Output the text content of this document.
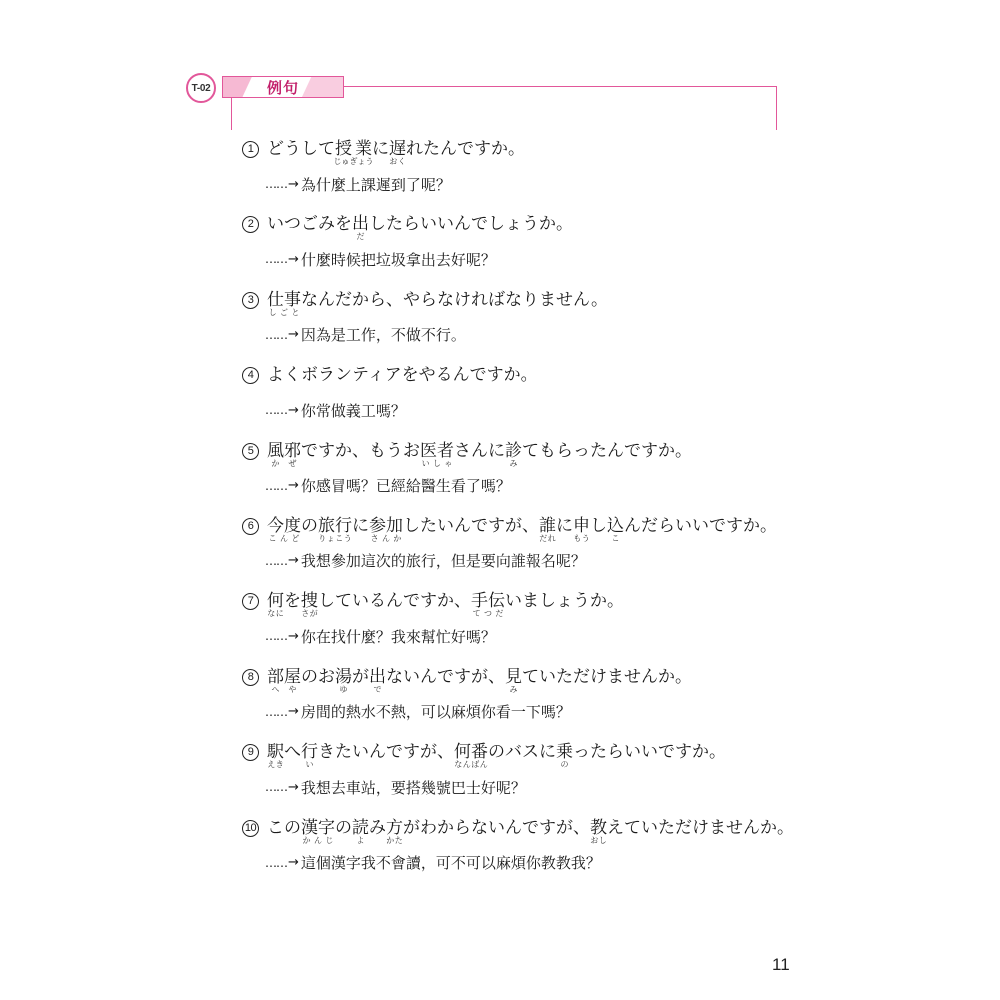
T-02	例句
1 どうして授業じゅぎょうに遅おくれたんですか。
…… → 為什麼上課遲到了呢？
2 いつごみを出だしたらいいんでしょうか。
…… → 什麼時候把垃圾拿出去好呢？
3 仕事しごとなんだから、やらなければなりません。
…… → 因為是工作，不做不行。
4 よくボランティアをやるんですか。
…… → 你常做義工嗎？
5 風邪かぜですか、もうお医者いしゃさんに診みてもらったんですか。
…… → 你感冒嗎？已經給醫生看了嗎？
6 今度こんどの旅行りょこうに参加さんかしたいんですが、誰だれに申もうし込こんだらいいですか。
…… → 我想參加這次的旅行，但是要向誰報名呢？
7 何なにを捜さがしているんですか、手伝てつだいましょうか。
…… → 你在找什麼？我來幫忙好嗎？
8 部屋へやのお湯ゆが出でないんですが、見みていただけませんか。
…… → 房間的熱水不熱，可以麻煩你看一下嗎？
9 駅えきへ行いきたいんですが、何番なんばんのバスに乗のったらいいですか。
…… → 我想去車站，要搭幾號巴士好呢？
10 この漢字かんじの読よみ方かたがわからないんですが、教おしえていただけませんか。
…… → 這個漢字我不會讀，可不可以麻煩你教教我？
11
